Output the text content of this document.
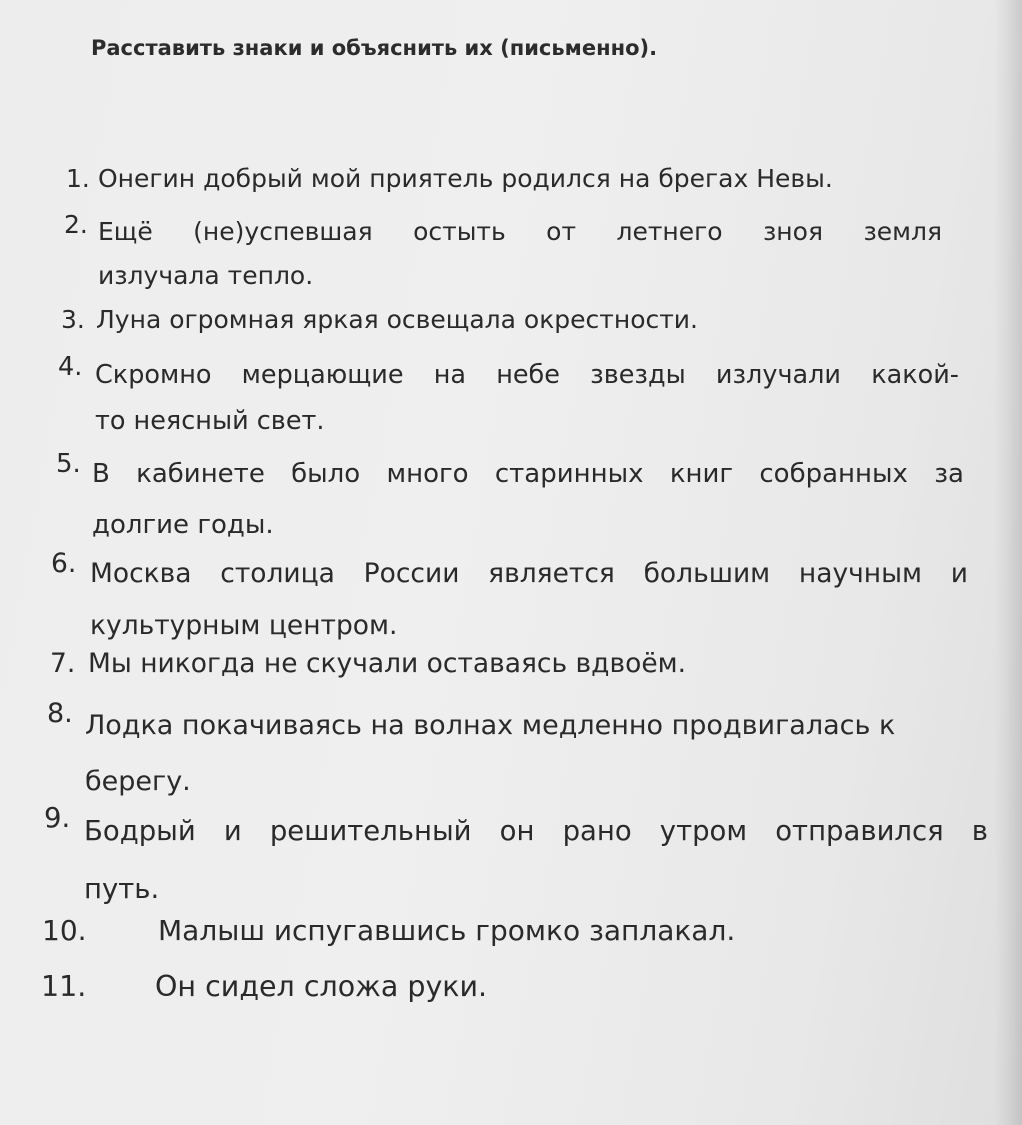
Расставить знаки и объяснить их (письменно).
1. Онегин добрый мой приятель родился на брегах Невы.
2. Ещё (не)успевшая остыть от летнего зноя земля
излучала тепло.
3. Луна огромная яркая освещала окрестности.
4. Скромно мерцающие на небе звезды излучали какой-
то неясный свет.
5. В кабинете было много старинных книг собранных за
долгие годы.
6. Москва столица России является большим научным и
культурным центром.
7. Мы никогда не скучали оставаясь вдвоём.
8. Лодка покачиваясь на волнах медленно продвигалась к
берегу.
9. Бодрый и решительный он рано утром отправился в
путь.
10.	Малыш испугавшись громко заплакал.
11. Он сидел сложа руки.
